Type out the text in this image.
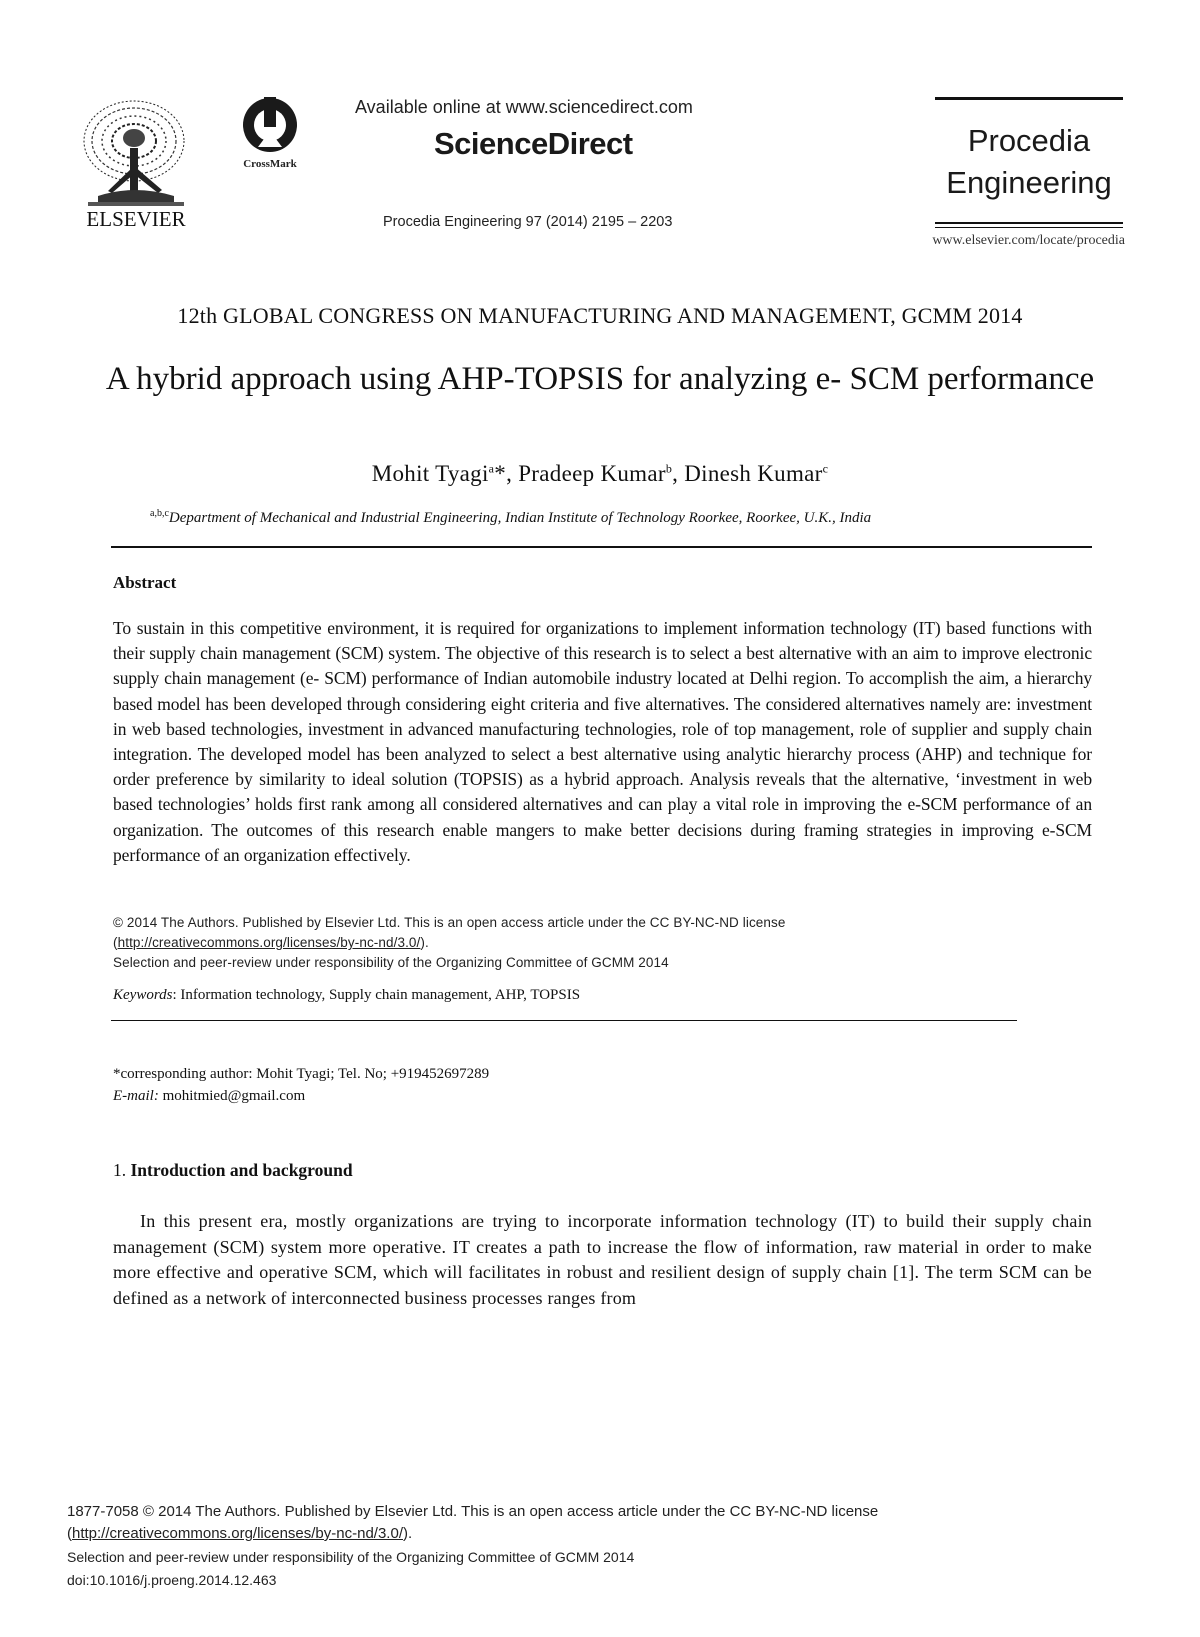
ELSEVIER
CrossMark
Available online at www.sciencedirect.com
ScienceDirect
Procedia Engineering 97 (2014) 2195 – 2203
Procedia Engineering
www.elsevier.com/locate/procedia
12th GLOBAL CONGRESS ON MANUFACTURING AND MANAGEMENT, GCMM 2014
A hybrid approach using AHP-TOPSIS for analyzing e- SCM performance
Mohit Tyagi$^a$*, Pradeep Kumar$^b$, Dinesh Kumar$^c$
$^{a,b,c}$Department of Mechanical and Industrial Engineering, Indian Institute of Technology Roorkee, Roorkee, U.K., India
Abstract
To sustain in this competitive environment, it is required for organizations to implement information technology (IT) based functions with their supply chain management (SCM) system. The objective of this research is to select a best alternative with an aim to improve electronic supply chain management (e- SCM) performance of Indian automobile industry located at Delhi region. To accomplish the aim, a hierarchy based model has been developed through considering eight criteria and five alternatives. The considered alternatives namely are: investment in web based technologies, investment in advanced manufacturing technologies, role of top management, role of supplier and supply chain integration. The developed model has been analyzed to select a best alternative using analytic hierarchy process (AHP) and technique for order preference by similarity to ideal solution (TOPSIS) as a hybrid approach. Analysis reveals that the alternative, ‘investment in web based technologies’ holds first rank among all considered alternatives and can play a vital role in improving the e-SCM performance of an organization. The outcomes of this research enable mangers to make better decisions during framing strategies in improving e-SCM performance of an organization effectively.
© 2014 The Authors. Published by Elsevier Ltd. This is an open access article under the CC BY-NC-ND license
(http://creativecommons.org/licenses/by-nc-nd/3.0/).
Selection and peer-review under responsibility of the Organizing Committee of GCMM 2014
Keywords: Information technology, Supply chain management, AHP, TOPSIS
*corresponding author: Mohit Tyagi; Tel. No; +919452697289
E-mail: mohitmied@gmail.com
1. Introduction and background
In this present era, mostly organizations are trying to incorporate information technology (IT) to build their supply chain management (SCM) system more operative. IT creates a path to increase the flow of information, raw material in order to make more effective and operative SCM, which will facilitates in robust and resilient design of supply chain [1]. The term SCM can be defined as a network of interconnected business processes ranges from
1877-7058 © 2014 The Authors. Published by Elsevier Ltd. This is an open access article under the CC BY-NC-ND license
(http://creativecommons.org/licenses/by-nc-nd/3.0/).
Selection and peer-review under responsibility of the Organizing Committee of GCMM 2014
doi:10.1016/j.proeng.2014.12.463
